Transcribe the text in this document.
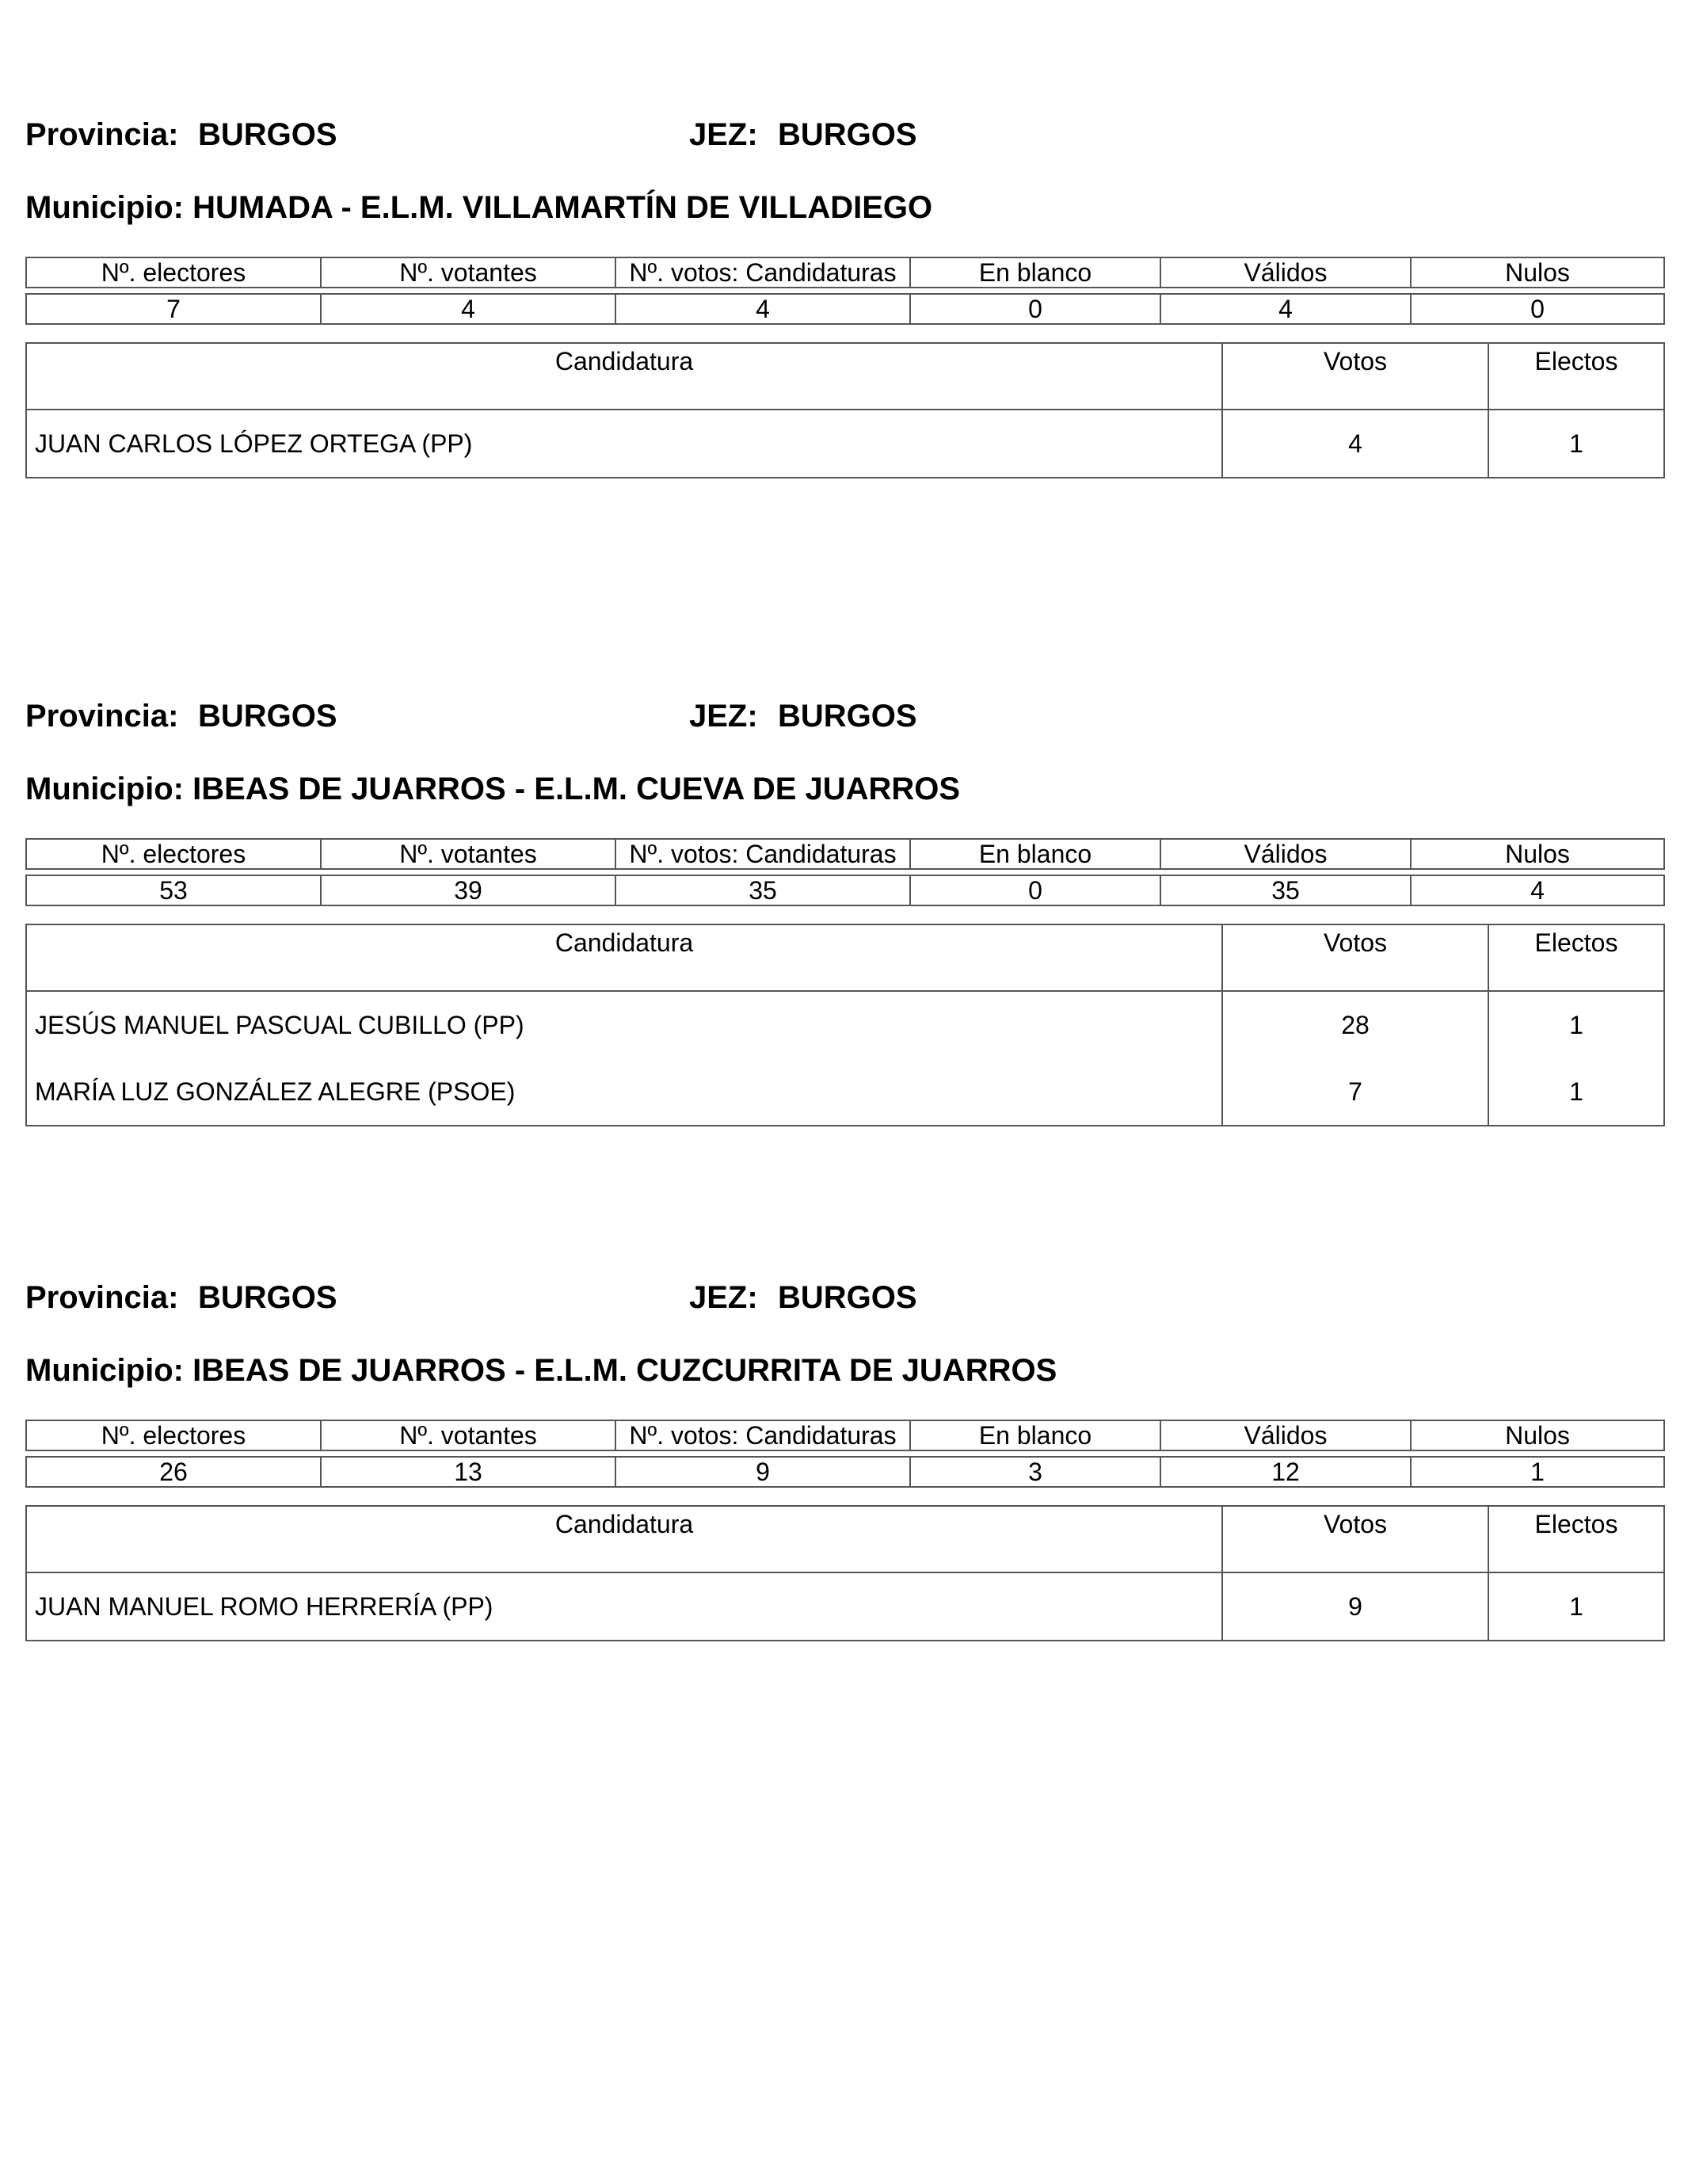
Provincia: BURGOS	JEZ: BURGOS
Municipio: HUMADA - E.L.M. VILLAMARTÍN DE VILLADIEGO
Nº. electores	Nº. votantes	Nº. votos: Candidaturas	En blanco	Válidos	Nulos

7	4	4	0	4	0
Candidatura	Votos	Electos
JUAN CARLOS LÓPEZ ORTEGA (PP)	4	1
Provincia: BURGOS	JEZ: BURGOS
Municipio: IBEAS DE JUARROS - E.L.M. CUEVA DE JUARROS
Nº. electores	Nº. votantes	Nº. votos: Candidaturas	En blanco	Válidos	Nulos

53	39	35	0	35	4
Candidatura	Votos	Electos
JESÚS MANUEL PASCUAL CUBILLO (PP)	28	1
MARÍA LUZ GONZÁLEZ ALEGRE (PSOE)	7	1
Provincia: BURGOS	JEZ: BURGOS
Municipio: IBEAS DE JUARROS - E.L.M. CUZCURRITA DE JUARROS
Nº. electores	Nº. votantes	Nº. votos: Candidaturas	En blanco	Válidos	Nulos

26	13	9	3	12	1
Candidatura	Votos	Electos
JUAN MANUEL ROMO HERRERÍA (PP)	9	1
